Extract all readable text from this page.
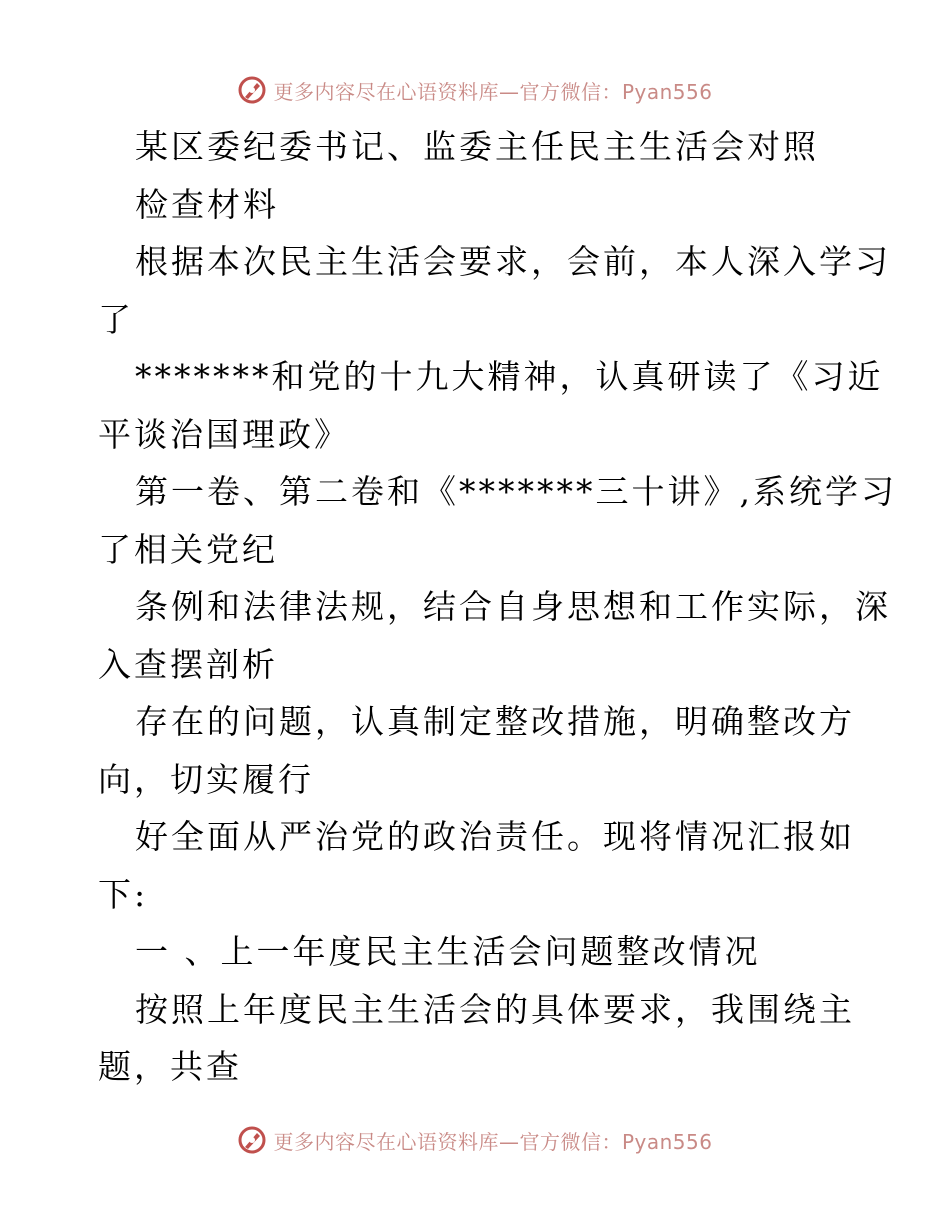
更多内容尽在心语资料库—官方微信：Pyan556
某区委纪委书记、监委主任民主生活会对照
检查材料
根据本次民主生活会要求，会前，本人深入学习
了
*******和党的十九大精神，认真研读了《习近
平谈治国理政》
第一卷、第二卷和《*******三十讲》,系统学习
了相关党纪
条例和法律法规，结合自身思想和工作实际，深
入查摆剖析
存在的问题，认真制定整改措施，明确整改方
向，切实履行
好全面从严治党的政治责任。现将情况汇报如
下:
一 、上一年度民主生活会问题整改情况
按照上年度民主生活会的具体要求，我围绕主
题，共查
更多内容尽在心语资料库—官方微信：Pyan556
